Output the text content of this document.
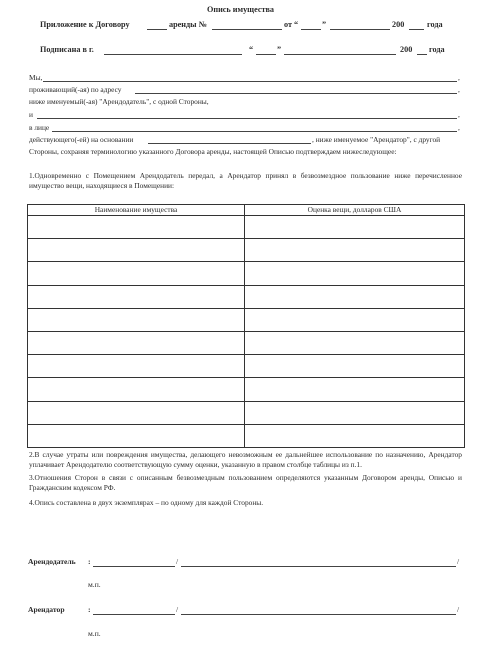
Опись имущества
Приложение к Договору	аренды №	от “	”	200	года
Подписана в г.	“	”	200 года
Мы,	,
проживающий(-ая) по адресу	,
ниже именуемый(-ая) "Арендодатель", с одной Стороны,
и	,
в лице	,
действующего(-ей) на основании	, ниже именуемое "Арендатор", с другой
Стороны, сохраняя терминологию указанного Договора аренды, настоящей Описью подтверждаем нижеследующее:
1.Одновременно с Помещением Арендодатель передал, а Арендатор принял в безвозмездное пользование ниже перечисленное имущество вещи, находящиеся в Помещении:
Наименование имущества	Оценка вещи, долларов США

2.В случае утраты или повреждения имущества, делающего невозможным ее дальнейшее использование по назначению, Арендатор уплачивает Арендодателю соответствующую сумму оценки, указанную в правом столбце таблицы из п.1.
3.Отношения Сторон в связи с описанным безвозмездным пользованием определяются указанным Договором аренды, Описью и Гражданским кодексом РФ.
4.Опись составлена в двух экземплярах – по одному для каждой Стороны.
Арендодатель :	/	/
м.п.
Арендатор	:	/	/
м.п.
